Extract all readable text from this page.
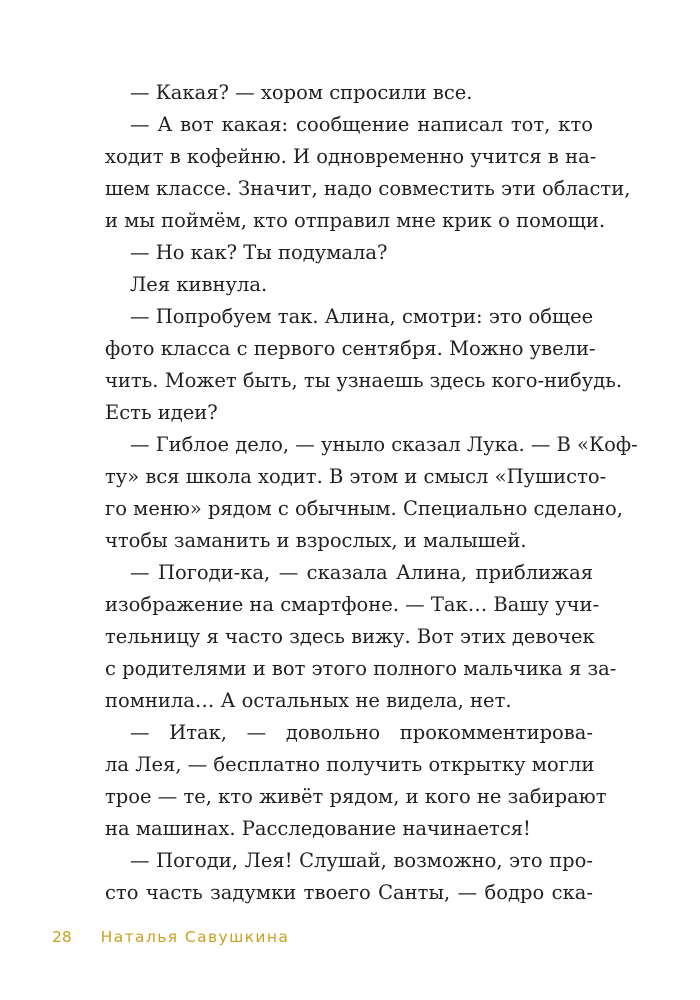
— Какая? — хором спросили все.
— А вот какая: сообщение написал тот, кто
ходит в кофейню. И одновременно учится в на-
шем классе. Значит, надо совместить эти области,
и мы поймём, кто отправил мне крик о помощи.
— Но как? Ты подумала?
Лея кивнула.
— Попробуем так. Алина, смотри: это общее
фото класса с первого сентября. Можно увели-
чить. Может быть, ты узнаешь здесь кого-нибудь.
Есть идеи?
— Гиблое дело, — уныло сказал Лука. — В «Коф-
ту» вся школа ходит. В этом и смысл «Пушисто-
го меню» рядом с обычным. Специально сделано,
чтобы заманить и взрослых, и малышей.
— Погоди-ка, — сказала Алина, приближая
изображение на смартфоне. — Так… Вашу учи-
тельницу я часто здесь вижу. Вот этих девочек
с родителями и вот этого полного мальчика я за-
помнила… А остальных не видела, нет.
— Итак, — довольно прокомментирова-
ла Лея, — бесплатно получить открытку могли
трое — те, кто живёт рядом, и кого не забирают
на машинах. Расследование начинается!
— Погоди, Лея! Слушай, возможно, это про-
сто часть задумки твоего Санты, — бодро ска-
28 Наталья Савушкина
